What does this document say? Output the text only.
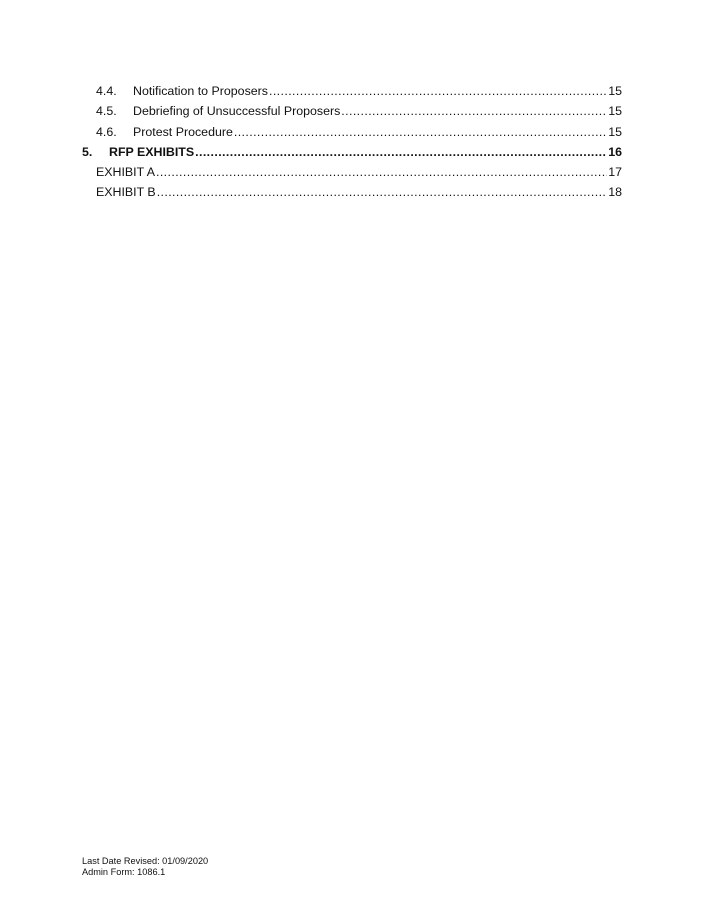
4.4.	Notification to Proposers .....	15
4.5.	Debriefing of Unsuccessful Proposers .....	15
4.6.	Protest Procedure .....	15
5.	RFP EXHIBITS .....	16
EXHIBIT A .....	17
EXHIBIT B .....	18
Last Date Revised: 01/09/2020
Admin Form: 1086.1
